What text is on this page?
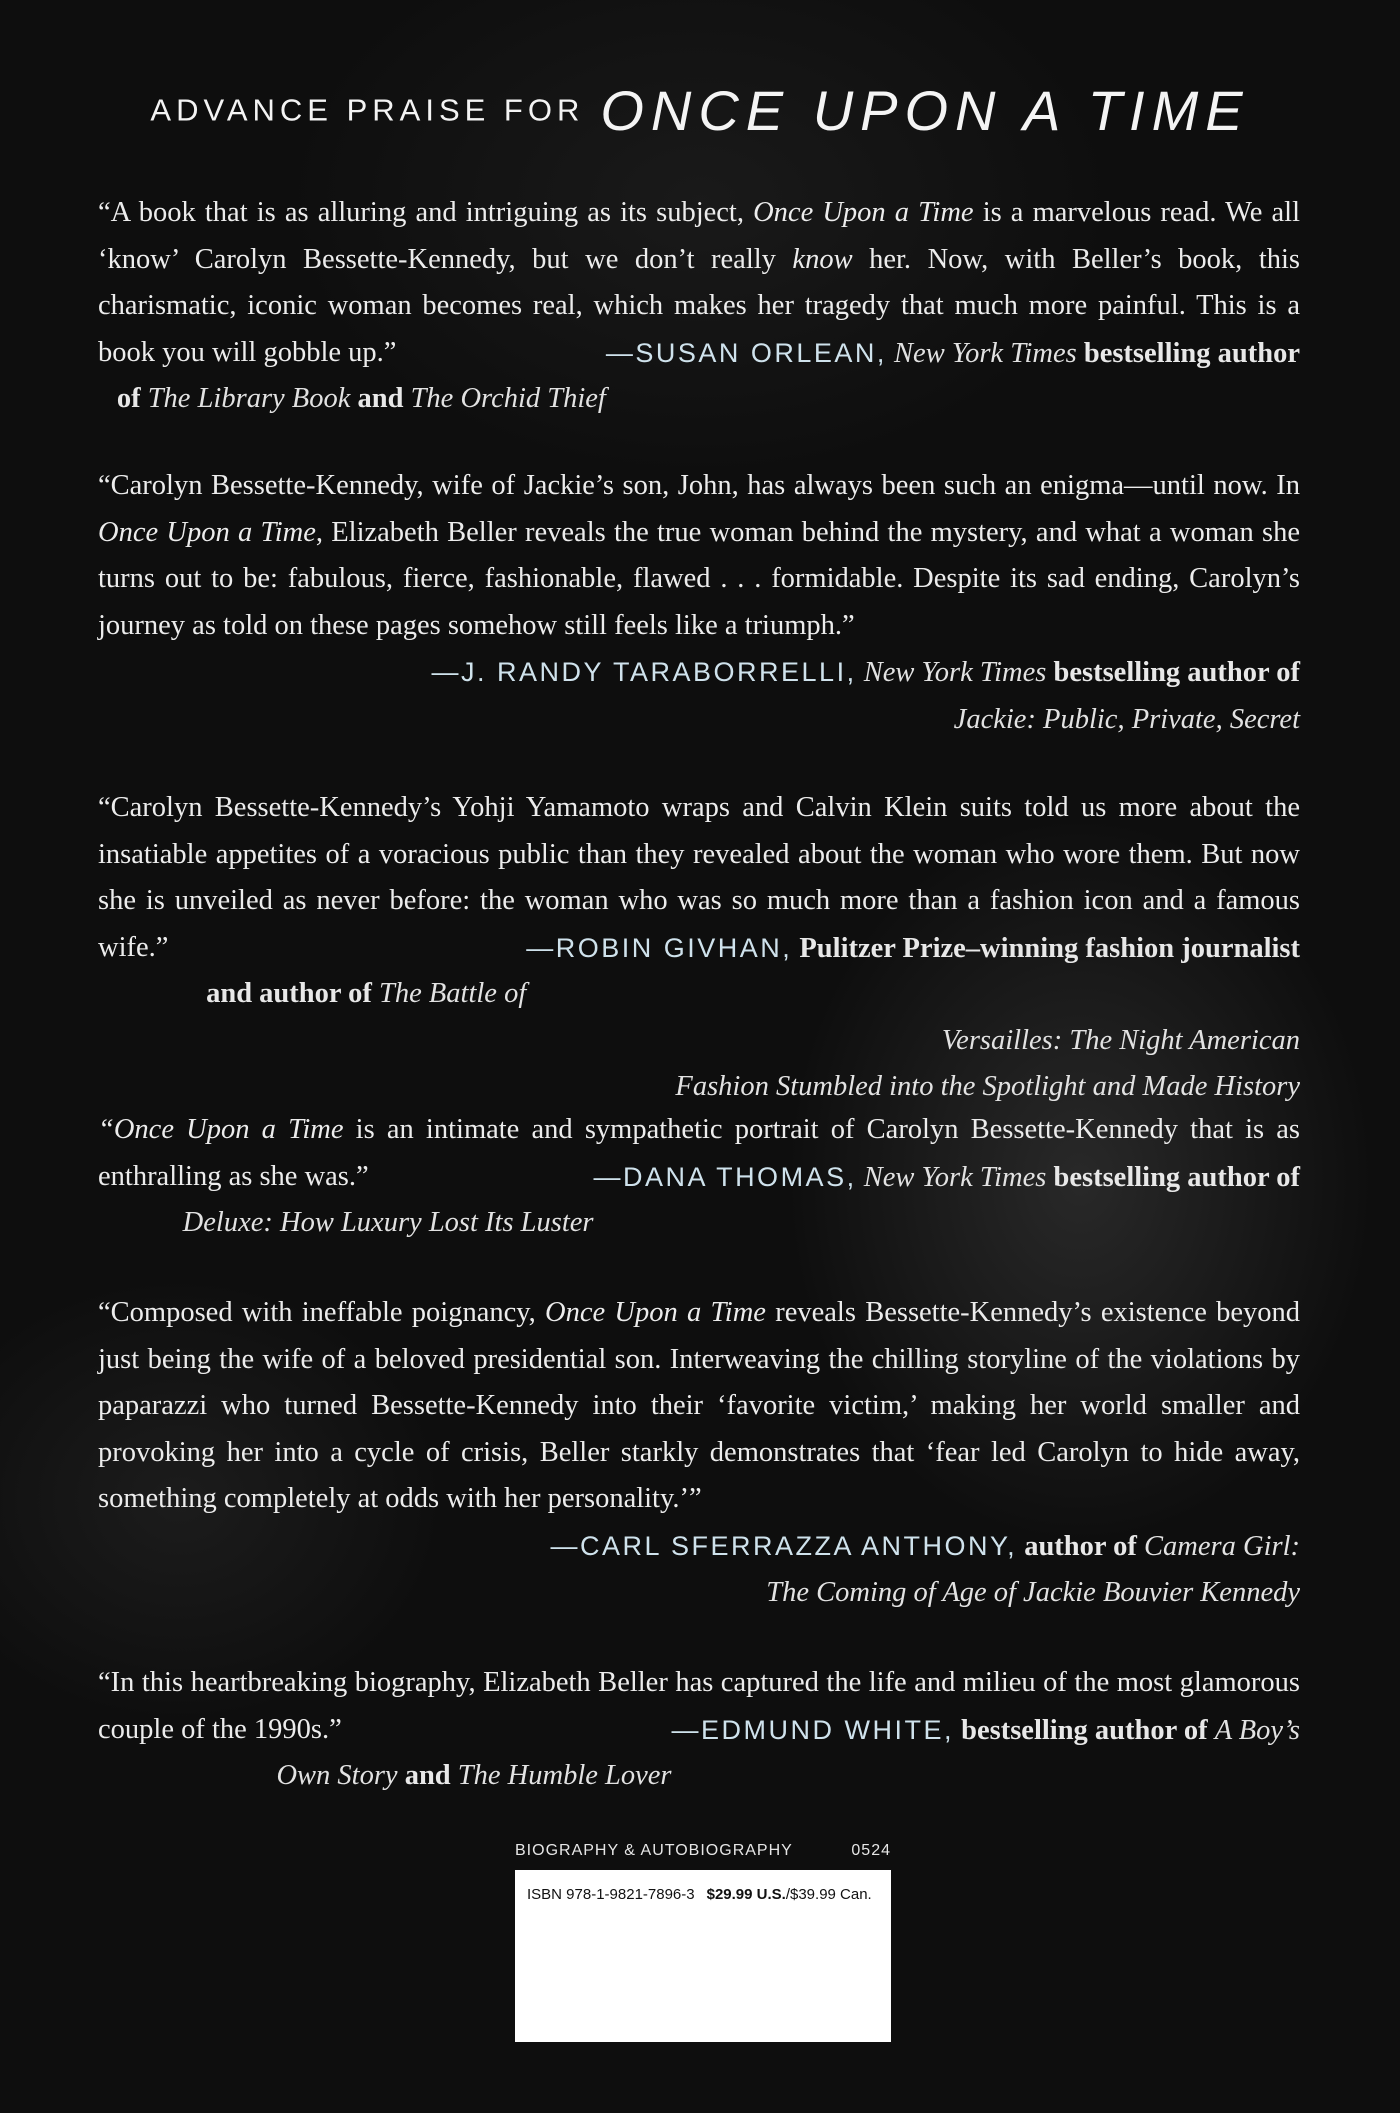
ADVANCE PRAISE FOR ONCE UPON A TIME

“A book that is as alluring and intriguing as its subject, Once Upon a Time is a marvelous read. We all ‘know’ Carolyn Bessette-Kennedy, but we don’t really know her. Now, with Beller’s book, this charismatic, iconic woman becomes real, which makes her tragedy that much more painful. This is a book you will gobble up.”	—SUSAN ORLEAN, New York Times bestselling author

of The Library Book and The Orchid Thief

“Carolyn Bessette-Kennedy, wife of Jackie’s son, John, has always been such an enigma—until now. In Once Upon a Time, Elizabeth Beller reveals the true woman behind the mystery, and what a woman she turns out to be: fabulous, fierce, fashionable, flawed . . . formidable. Despite its sad ending, Carolyn’s journey as told on these pages somehow still feels like a triumph.”

—J. RANDY TARABORRELLI, New York Times bestselling author of
Jackie: Public, Private, Secret

“Carolyn Bessette-Kennedy’s Yohji Yamamoto wraps and Calvin Klein suits told us more about the insatiable appetites of a voracious public than they revealed about the woman who wore them. But now she is unveiled as never before: the woman who was so much more than a fashion icon and a famous wife.”	—ROBIN GIVHAN, Pulitzer Prize–winning fashion journalist

and author of The Battle of Versailles: The Night American
Fashion Stumbled into the Spotlight and Made History

“Once Upon a Time is an intimate and sympathetic portrait of Carolyn Bessette-Kennedy that is as enthralling as she was.”	—DANA THOMAS, New York Times bestselling author of

Deluxe: How Luxury Lost Its Luster

“Composed with ineffable poignancy, Once Upon a Time reveals Bessette-Kennedy’s existence beyond just being the wife of a beloved presidential son. Interweaving the chilling storyline of the violations by paparazzi who turned Bessette-Kennedy into their ‘favorite victim,’ making her world smaller and provoking her into a cycle of crisis, Beller starkly demonstrates that ‘fear led Carolyn to hide away, something completely at odds with her personality.’”

—CARL SFERRAZZA ANTHONY, author of Camera Girl:
The Coming of Age of Jackie Bouvier Kennedy

“In this heartbreaking biography, Elizabeth Beller has captured the life and milieu of the most glamorous couple of the 1990s.”	—EDMUND WHITE, bestselling author of A Boy’s

Own Story and The Humble Lover
BIOGRAPHY & AUTOBIOGRAPHY	0524
ISBN 978-1-9821-7896-3 $29.99 U.S./$39.99 Can.
